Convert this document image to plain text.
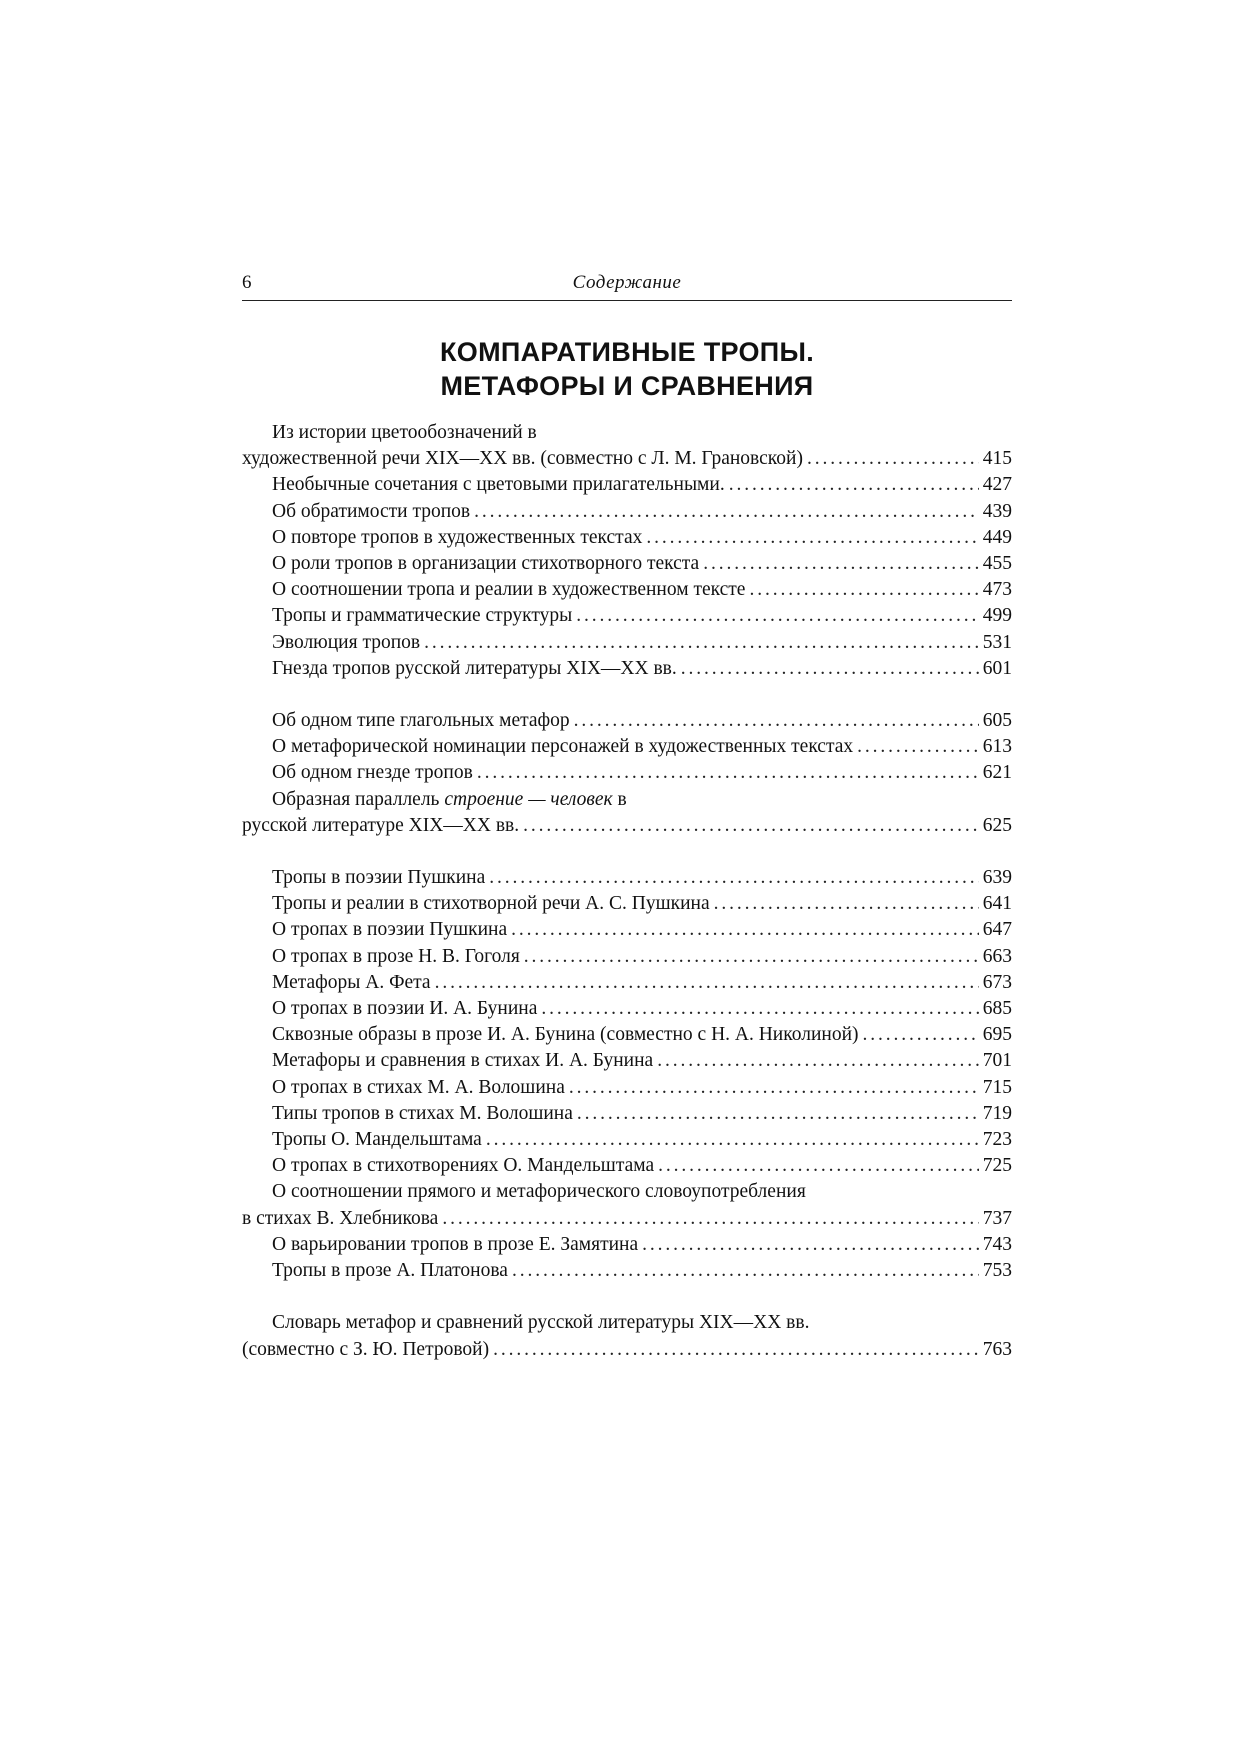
6	Содержание
КОМПАРАТИВНЫЕ ТРОПЫ.
МЕТАФОРЫ И СРАВНЕНИЯ
Из истории цветообозначений в
художественной речи XIX—XX вв. (совместно с Л. М. Грановской) . . .	415
Необычные сочетания с цветовыми прилагательными. . . .	427
Об обратимости тропов . . .	439
О повторе тропов в художественных текстах . . .	449
О роли тропов в организации стихотворного текста . . .	455
О соотношении тропа и реалии в художественном тексте . . .	473
Тропы и грамматические структуры . . .	499
Эволюция тропов . . .	531
Гнезда тропов русской литературы XIX—XX вв. . . .	601
Об одном типе глагольных метафор . . .	605
О метафорической номинации персонажей в художественных текстах . . .	613
Об одном гнезде тропов . . .	621
Образная параллель строение — человек в
русской литературе XIX—XX вв. . . .	625
Тропы в поэзии Пушкина . . .	639
Тропы и реалии в стихотворной речи А. С. Пушкина . . .	641
О тропах в поэзии Пушкина . . .	647
О тропах в прозе Н. В. Гоголя . . .	663
Метафоры А. Фета . . .	673
О тропах в поэзии И. А. Бунина . . .	685
Сквозные образы в прозе И. А. Бунина (совместно с Н. А. Николиной) . . .	695
Метафоры и сравнения в стихах И. А. Бунина . . .	701
О тропах в стихах М. А. Волошина . . .	715
Типы тропов в стихах М. Волошина . . .	719
Тропы О. Мандельштама . . .	723
О тропах в стихотворениях О. Мандельштама . . .	725
О соотношении прямого и метафорического словоупотребления
в стихах В. Хлебникова . . .	737
О варьировании тропов в прозе Е. Замятина . . .	743
Тропы в прозе А. Платонова . . .	753
Словарь метафор и сравнений русской литературы XIX—XX вв.
(совместно с З. Ю. Петровой) . . .	763
